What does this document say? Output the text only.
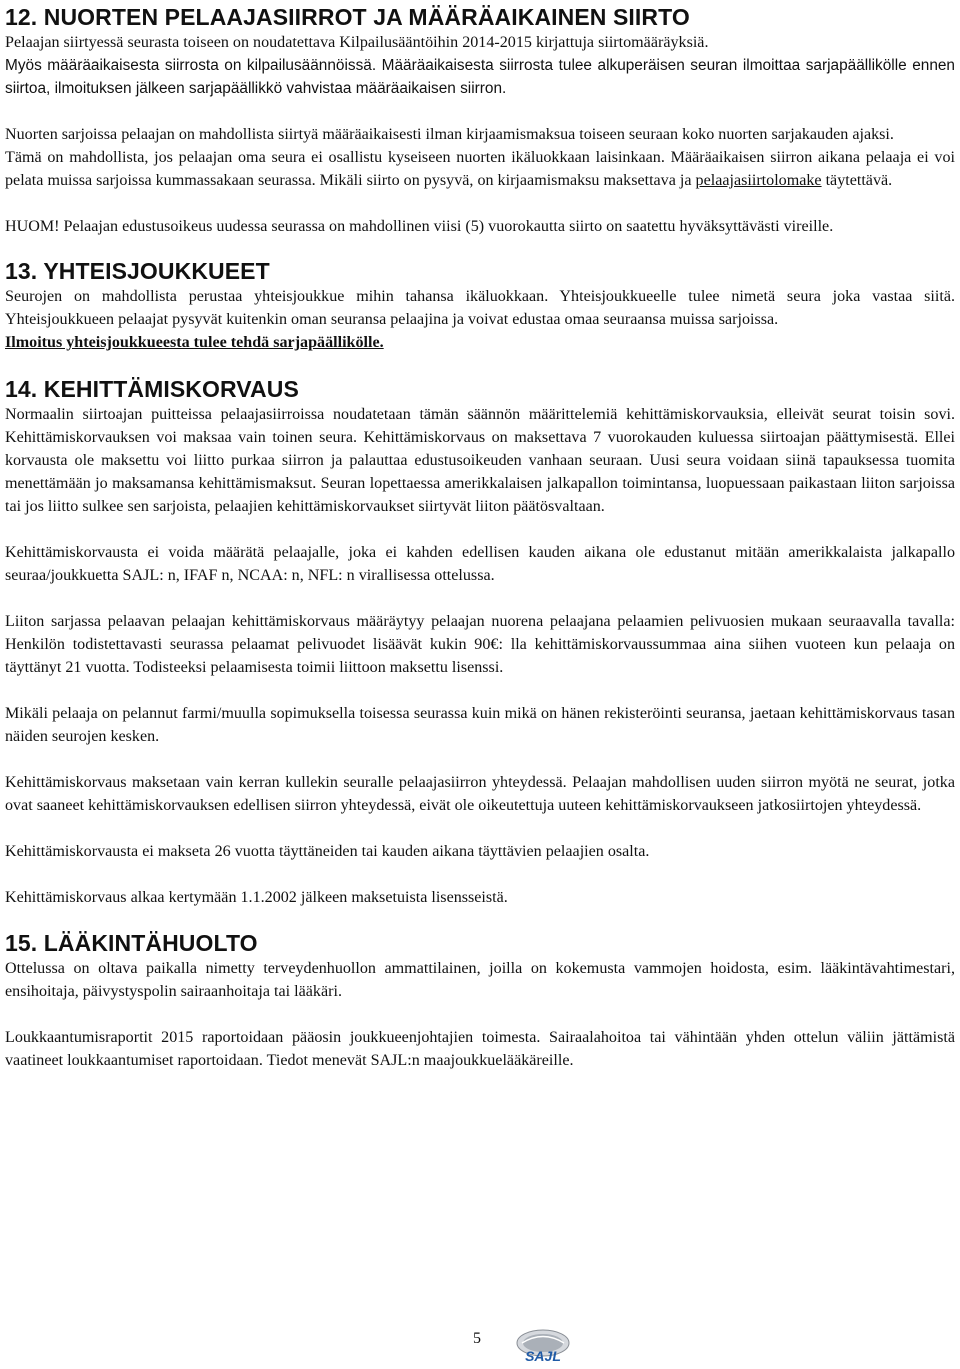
12. NUORTEN PELAAJASIIRROT JA MÄÄRÄAIKAINEN SIIRTO

Pelaajan siirtyessä seurasta toiseen on noudatettava Kilpailusääntöihin 2014-2015 kirjattuja siirtomääräyksiä.

Myös määräaikaisesta siirrosta on kilpailusäännöissä. Määräaikaisesta siirrosta tulee alkuperäisen seuran ilmoittaa sarjapäällikölle ennen siirtoa, ilmoituksen jälkeen sarjapäällikkö vahvistaa määräaikaisen siirron.

Nuorten sarjoissa pelaajan on mahdollista siirtyä määräaikaisesti ilman kirjaamismaksua toiseen seuraan koko nuorten sarjakauden ajaksi.

Tämä on mahdollista, jos pelaajan oma seura ei osallistu kyseiseen nuorten ikäluokkaan laisinkaan. Määräaikaisen siirron aikana pelaaja ei voi pelata muissa sarjoissa kummassakaan seurassa. Mikäli siirto on pysyvä, on kirjaamismaksu maksettava ja pelaajasiirtolomake täytettävä.

HUOM! Pelaajan edustusoikeus uudessa seurassa on mahdollinen viisi (5) vuorokautta siirto on saatettu hyväksyttävästi vireille.

13. YHTEISJOUKKUEET

Seurojen on mahdollista perustaa yhteisjoukkue mihin tahansa ikäluokkaan. Yhteisjoukkueelle tulee nimetä seura joka vastaa siitä. Yhteisjoukkueen pelaajat pysyvät kuitenkin oman seuransa pelaajina ja voivat edustaa omaa seuraansa muissa sarjoissa.

Ilmoitus yhteisjoukkueesta tulee tehdä sarjapäällikölle.

14. KEHITTÄMISKORVAUS

Normaalin siirtoajan puitteissa pelaajasiirroissa noudatetaan tämän säännön määrittelemiä kehittämiskorvauksia, elleivät seurat toisin sovi. Kehittämiskorvauksen voi maksaa vain toinen seura. Kehittämiskorvaus on maksettava 7 vuorokauden kuluessa siirtoajan päättymisestä. Ellei korvausta ole maksettu voi liitto purkaa siirron ja palauttaa edustusoikeuden vanhaan seuraan. Uusi seura voidaan siinä tapauksessa tuomita menettämään jo maksamansa kehittämismaksut. Seuran lopettaessa amerikkalaisen jalkapallon toimintansa, luopuessaan paikastaan liiton sarjoissa tai jos liitto sulkee sen sarjoista, pelaajien kehittämiskorvaukset siirtyvät liiton päätösvaltaan.

Kehittämiskorvausta ei voida määrätä pelaajalle, joka ei kahden edellisen kauden aikana ole edustanut mitään amerikkalaista jalkapallo seuraa/joukkuetta SAJL: n, IFAF n, NCAA: n, NFL: n virallisessa ottelussa.

Liiton sarjassa pelaavan pelaajan kehittämiskorvaus määräytyy pelaajan nuorena pelaajana pelaamien pelivuosien mukaan seuraavalla tavalla: Henkilön todistettavasti seurassa pelaamat pelivuodet lisäävät kukin 90€: lla kehittämiskorvaussummaa aina siihen vuoteen kun pelaaja on täyttänyt 21 vuotta. Todisteeksi pelaamisesta toimii liittoon maksettu lisenssi.

Mikäli pelaaja on pelannut farmi/muulla sopimuksella toisessa seurassa kuin mikä on hänen rekisteröinti seuransa, jaetaan kehittämiskorvaus tasan näiden seurojen kesken.

Kehittämiskorvaus maksetaan vain kerran kullekin seuralle pelaajasiirron yhteydessä. Pelaajan mahdollisen uuden siirron myötä ne seurat, jotka ovat saaneet kehittämiskorvauksen edellisen siirron yhteydessä, eivät ole oikeutettuja uuteen kehittämiskorvaukseen jatkosiirtojen yhteydessä.

Kehittämiskorvausta ei makseta 26 vuotta täyttäneiden tai kauden aikana täyttävien pelaajien osalta.

Kehittämiskorvaus alkaa kertymään 1.1.2002 jälkeen maksetuista lisensseistä.

15. LÄÄKINTÄHUOLTO

Ottelussa on oltava paikalla nimetty terveydenhuollon ammattilainen, joilla on kokemusta vammojen hoidosta, esim. lääkintävahtimestari, ensihoitaja, päivystyspolin sairaanhoitaja tai lääkäri.

Loukkaantumisraportit 2015 raportoidaan pääosin joukkueenjohtajien toimesta. Sairaalahoitoa tai vähintään yhden ottelun väliin jättämistä vaatineet loukkaantumiset raportoidaan. Tiedot menevät SAJL:n maajoukkuelääkäreille.

5
SAJL
